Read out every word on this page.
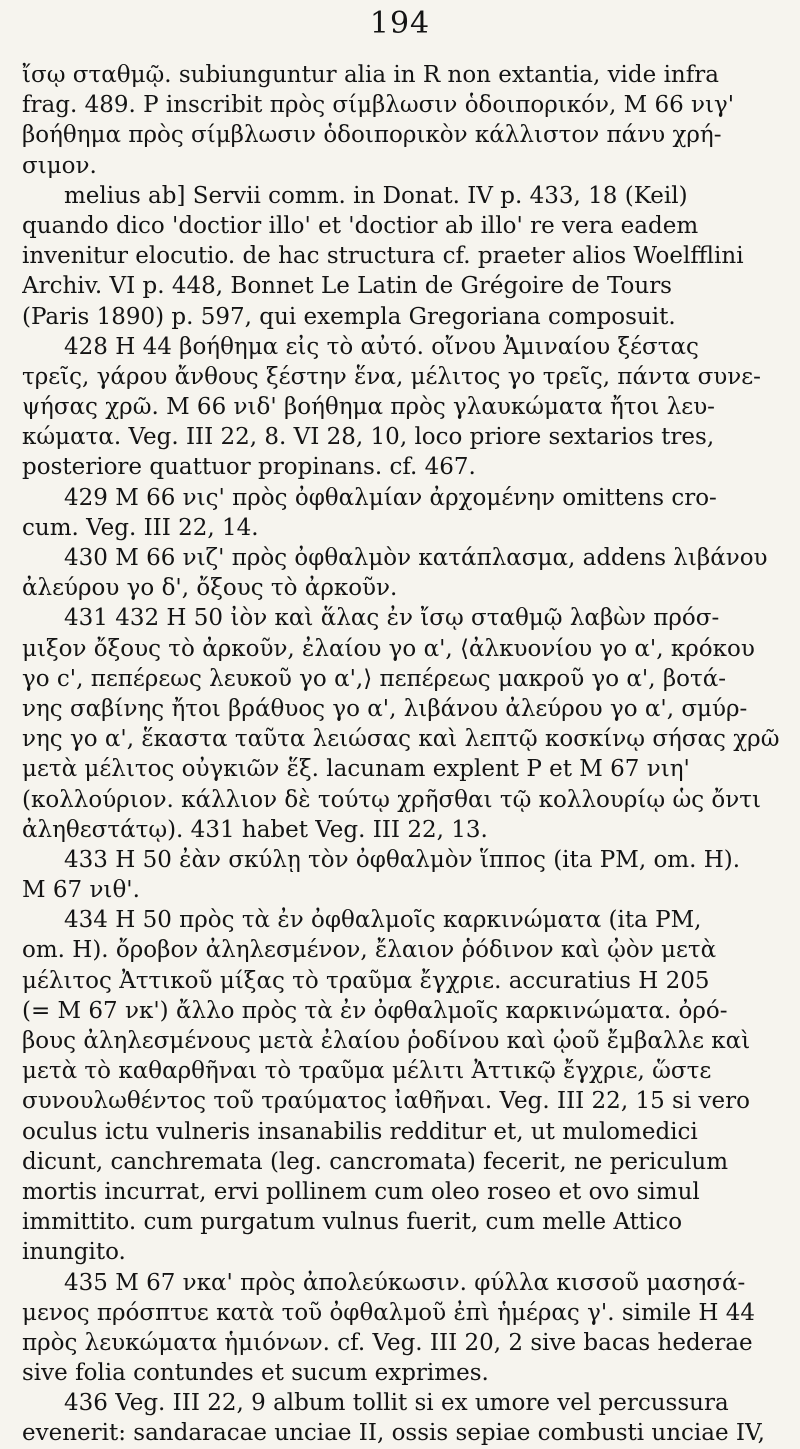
194
ἴσῳ σταθμῷ. subiunguntur alia in R non extantia, vide infra
frag. 489. P inscribit πρὸς σίμβλωσιν ὁδοιπορικόν, M 66 νιγ'
βοήθημα πρὸς σίμβλωσιν ὁδοιπορικὸν κάλλιστον πάνυ χρή-
σιμον.
melius ab] Servii comm. in Donat. IV p. 433, 18 (Keil)
quando dico 'doctior illo' et 'doctior ab illo' re vera eadem
invenitur elocutio. de hac structura cf. praeter alios Woelfflini
Archiv. VI p. 448, Bonnet Le Latin de Grégoire de Tours
(Paris 1890) p. 597, qui exempla Gregoriana composuit.
428 H 44 βοήθημα εἰς τὸ αὐτό. οἴνου Ἀμιναίου ξέστας
τρεῖς, γάρου ἄνθους ξέστην ἕνα, μέλιτος γο τρεῖς, πάντα συνε-
ψήσας χρῶ. M 66 νιδ' βοήθημα πρὸς γλαυκώματα ἤτοι λευ-
κώματα. Veg. III 22, 8. VI 28, 10, loco priore sextarios tres,
posteriore quattuor propinans. cf. 467.
429 M 66 νις' πρὸς ὀφθαλμίαν ἀρχομένην omittens cro-
cum. Veg. III 22, 14.
430 M 66 νιζ' πρὸς ὀφθαλμὸν κατάπλασμα, addens λιβάνου
ἀλεύρου γο δ', ὄξους τὸ ἀρκοῦν.
431 432 H 50 ἰὸν καὶ ἅλας ἐν ἴσῳ σταθμῷ λαβὼν πρόσ-
μιξον ὄξους τὸ ἀρκοῦν, ἐλαίου γο α', ⟨ἀλκυονίου γο α', κρόκου
γο c', πεπέρεως λευκοῦ γο α',⟩ πεπέρεως μακροῦ γο α', βοτά-
νης σαβίνης ἤτοι βράθυος γο α', λιβάνου ἀλεύρου γο α', σμύρ-
νης γο α', ἕκαστα ταῦτα λειώσας καὶ λεπτῷ κοσκίνῳ σήσας χρῶ
μετὰ μέλιτος οὐγκιῶν ἕξ. lacunam explent P et M 67 νιη'
(κολλούριον. κάλλιον δὲ τούτῳ χρῆσθαι τῷ κολλουρίῳ ὡς ὄντι
ἀληθεστάτῳ). 431 habet Veg. III 22, 13.
433 H 50 ἐὰν σκύλῃ τὸν ὀφθαλμὸν ἵππος (ita PM, om. H).
M 67 νιθ'.
434 H 50 πρὸς τὰ ἐν ὀφθαλμοῖς καρκινώματα (ita PM,
om. H). ὄροβον ἀληλεσμένον, ἔλαιον ῥόδινον καὶ ᾠὸν μετὰ
μέλιτος Ἀττικοῦ μίξας τὸ τραῦμα ἔγχριε. accuratius H 205
(= M 67 νκ') ἄλλο πρὸς τὰ ἐν ὀφθαλμοῖς καρκινώματα. ὀρό-
βους ἀληλεσμένους μετὰ ἐλαίου ῥοδίνου καὶ ᾠοῦ ἔμβαλλε καὶ
μετὰ τὸ καθαρθῆναι τὸ τραῦμα μέλιτι Ἀττικῷ ἔγχριε, ὥστε
συνουλωθέντος τοῦ τραύματος ἰαθῆναι. Veg. III 22, 15 si vero
oculus ictu vulneris insanabilis redditur et, ut mulomedici
dicunt, canchremata (leg. cancromata) fecerit, ne periculum
mortis incurrat, ervi pollinem cum oleo roseo et ovo simul
immittito. cum purgatum vulnus fuerit, cum melle Attico
inungito.
435 M 67 νκα' πρὸς ἀπολεύκωσιν. φύλλα κισσοῦ μασησά-
μενος πρόσπτυε κατὰ τοῦ ὀφθαλμοῦ ἐπὶ ἡμέρας γ'. simile H 44
πρὸς λευκώματα ἡμιόνων. cf. Veg. III 20, 2 sive bacas hederae
sive folia contundes et sucum exprimes.
436 Veg. III 22, 9 album tollit si ex umore vel percussura
evenerit: sandaracae unciae II, ossis sepiae combusti unciae IV,
